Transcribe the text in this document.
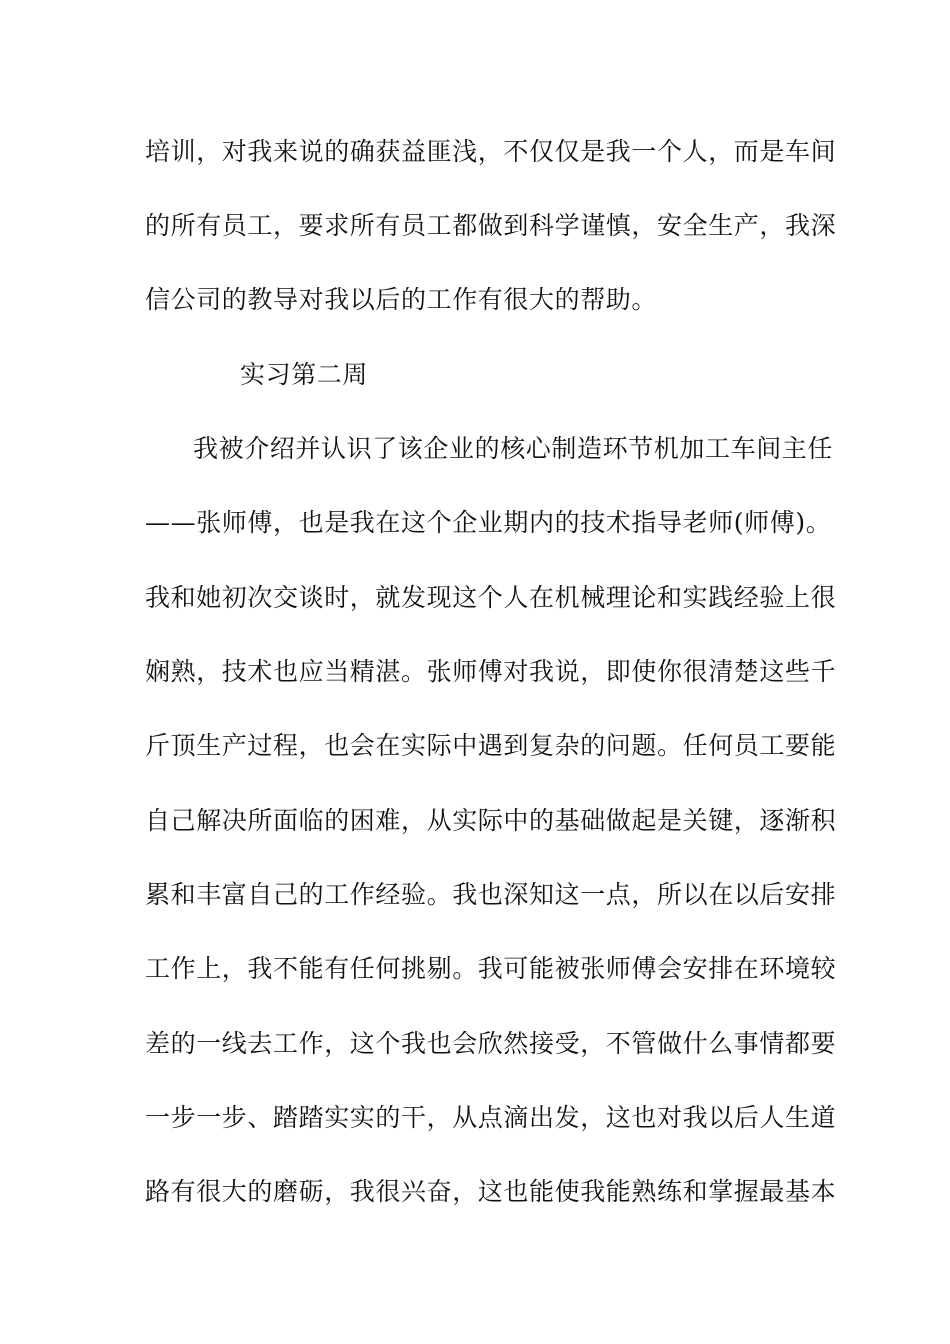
培训，对我来说的确获益匪浅，不仅仅是我一个人，而是车间
的所有员工，要求所有员工都做到科学谨慎，安全生产，我深
信公司的教导对我以后的工作有很大的帮助。
实习第二周
我被介绍并认识了该企业的核心制造环节机加工车间主任
——张师傅，也是我在这个企业期内的技术指导老师(师傅)。
我和她初次交谈时，就发现这个人在机械理论和实践经验上很
娴熟，技术也应当精湛。张师傅对我说，即使你很清楚这些千
斤顶生产过程，也会在实际中遇到复杂的问题。任何员工要能
自己解决所面临的困难，从实际中的基础做起是关键，逐渐积
累和丰富自己的工作经验。我也深知这一点，所以在以后安排
工作上，我不能有任何挑剔。我可能被张师傅会安排在环境较
差的一线去工作，这个我也会欣然接受，不管做什么事情都要
一步一步、踏踏实实的干，从点滴出发，这也对我以后人生道
路有很大的磨砺，我很兴奋，这也能使我能熟练和掌握最基本
